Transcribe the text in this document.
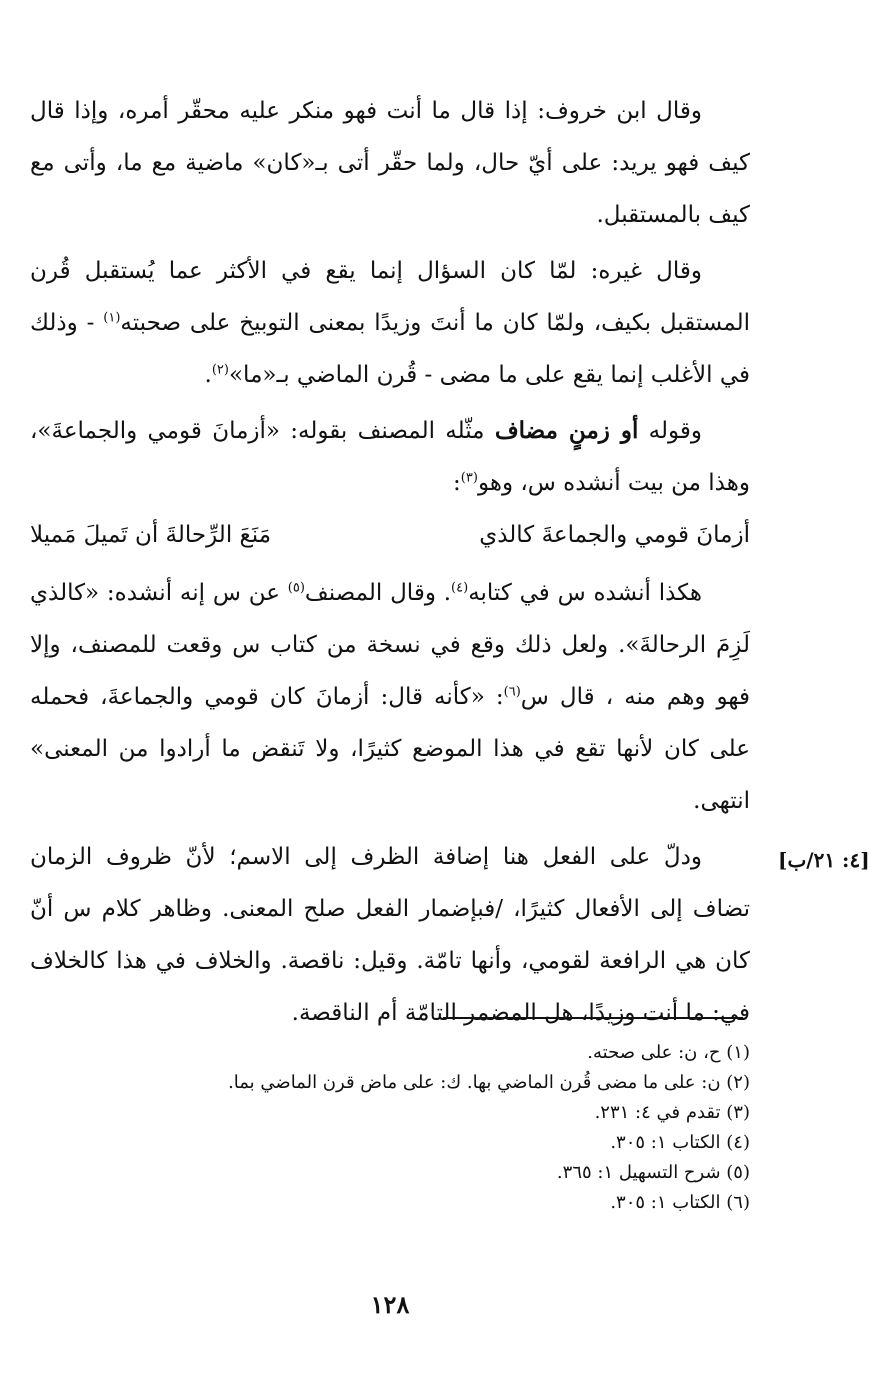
وقال ابن خروف: إذا قال ما أنت فهو منكر عليه محقّر أمره، وإذا قال كيف فهو يريد: على أيّ حال، ولما حقّر أتى بـ«كان» ماضية مع ما، وأتى مع كيف بالمستقبل.

وقال غيره: لمّا كان السؤال إنما يقع في الأكثر عما يُستقبل قُرن المستقبل بكيف، ولمّا كان ما أنتَ وزيدًا بمعنى التوبيخ على صحبته$^{(١)}$ - وذلك في الأغلب إنما يقع على ما مضى - قُرن الماضي بـ«ما»$^{(٢)}$.

وقوله أو زمنٍ مضاف مثّله المصنف بقوله: «أزمانَ قومي والجماعةَ»، وهذا من بيت أنشده س، وهو$^{(٣)}$:

أزمانَ قومي والجماعةَ كالذي
مَنَعَ الرِّحالةَ أن تَميلَ مَميلا

هكذا أنشده س في كتابه$^{(٤)}$. وقال المصنف$^{(٥)}$ عن س إنه أنشده: «كالذي لَزِمَ الرحالةَ». ولعل ذلك وقع في نسخة من كتاب س وقعت للمصنف، وإلا فهو وهم منه ، قال س$^{(٦)}$: «كأنه قال: أزمانَ كان قومي والجماعةَ، فحمله على كان لأنها تقع في هذا الموضع كثيرًا، ولا تَنقض ما أرادوا من المعنى» انتهى.

ودلّ على الفعل هنا إضافة الظرف إلى الاسم؛ لأنّ ظروف الزمان تضاف إلى الأفعال كثيرًا، /فبإضمار الفعل صلح المعنى. وظاهر كلام س أنّ كان هي الرافعة لقومي، وأنها تامّة. وقيل: ناقصة. والخلاف في هذا كالخلاف في: ما أنت وزيدًا، هل المضمر التامّة أم الناقصة.

[٤: ٢١/ب]

(١) ح، ن: على صحته.

(٢) ن: على ما مضى قُرن الماضي بها. ك: على ماض قرن الماضي بما.

(٣) تقدم في ٤: ٢٣١.

(٤) الكتاب ١: ٣٠٥.

(٥) شرح التسهيل ١: ٣٦٥.

(٦) الكتاب ١: ٣٠٥.

١٢٨
